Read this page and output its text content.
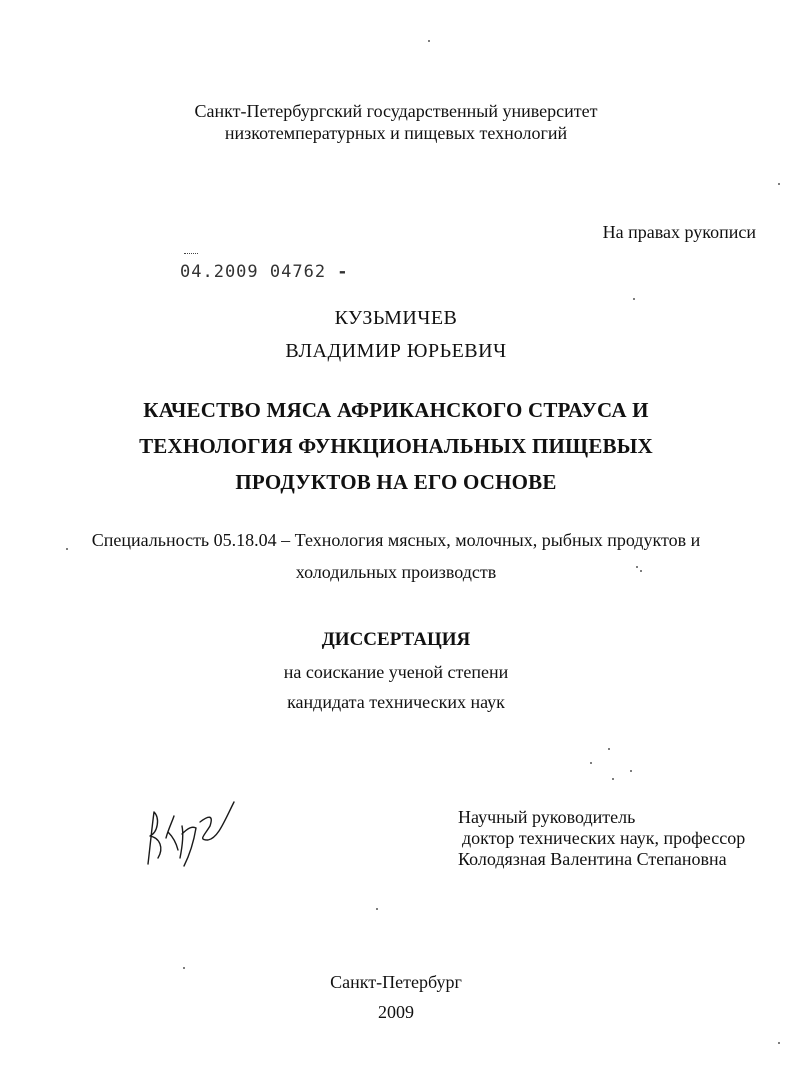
Санкт-Петербургский государственный университет
низкотемпературных и пищевых технологий
На правах рукописи
04.2009 04762 -
КУЗЬМИЧЕВ
ВЛАДИМИР ЮРЬЕВИЧ
КАЧЕСТВО МЯСА АФРИКАНСКОГО СТРАУСА И
ТЕХНОЛОГИЯ ФУНКЦИОНАЛЬНЫХ ПИЩЕВЫХ
ПРОДУКТОВ НА ЕГО ОСНОВЕ
Специальность 05.18.04 – Технология мясных, молочных, рыбных продуктов и
холодильных производств
ДИССЕРТАЦИЯ
на соискание ученой степени
кандидата технических наук
Научный руководитель
доктор технических наук, профессор
Колодязная Валентина Степановна
Санкт-Петербург
2009
